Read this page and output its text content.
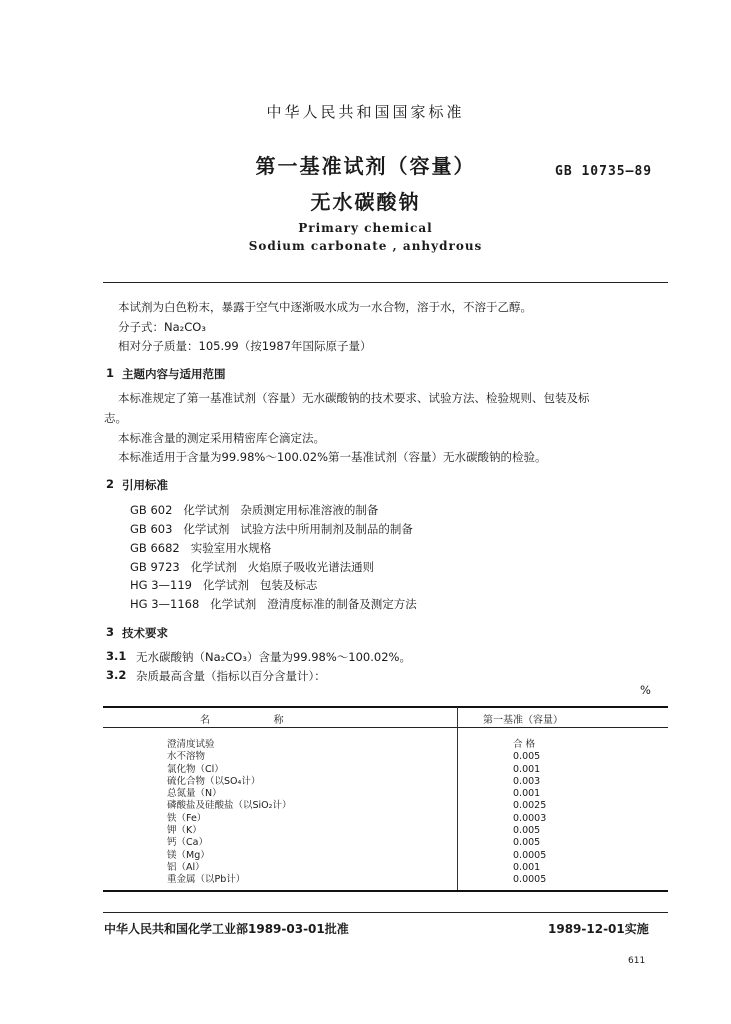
中华人民共和国国家标准
第一基准试剂（容量）
无水碳酸钠
GB 10735—89
Primary chemical
Sodium carbonate , anhydrous
本试剂为白色粉末，暴露于空气中逐渐吸水成为一水合物，溶于水，不溶于乙醇。
分子式：Na₂CO₃
相对分子质量：105.99（按1987年国际原子量）
1 主题内容与适用范围
本标准规定了第一基准试剂（容量）无水碳酸钠的技术要求、试验方法、检验规则、包装及标
志。
本标准含量的测定采用精密库仑滴定法。
本标准适用于含量为99.98%～100.02%第一基准试剂（容量）无水碳酸钠的检验。
2 引用标准
GB 602   化学试剂   杂质测定用标准溶液的制备
GB 603   化学试剂   试验方法中所用制剂及制品的制备
GB 6682   实验室用水规格
GB 9723   化学试剂   火焰原子吸收光谱法通则
HG 3—119   化学试剂   包装及标志
HG 3—1168   化学试剂   澄清度标准的制备及测定方法
3 技术要求
3.1 无水碳酸钠（Na₂CO₃）含量为99.98%～100.02%。
3.2 杂质最高含量（指标以百分含量计）：
%
名                    称	第一基准（容量）
澄清度试验
水不溶物
氯化物（Cl）
硫化合物（以SO₄计）
总氮量（N）
磷酸盐及硅酸盐（以SiO₂计）
铁（Fe）
钾（K）
钙（Ca）
镁（Mg）
铝（Al）
重金属（以Pb计）
合 格
0.005
0.001
0.003
0.001
0.0025
0.0003
0.005
0.005
0.0005
0.001
0.0005
中华人民共和国化学工业部1989-03-01批准	1989-12-01实施
611
